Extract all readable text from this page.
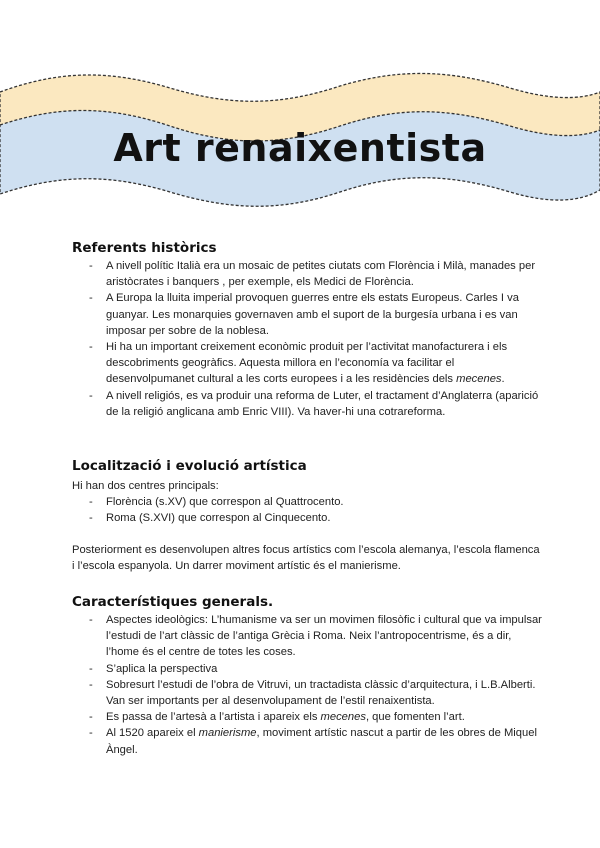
Art renaixentista
Referents històrics
- A nivell polític Italià era un mosaic de petites ciutats com Florència i Milà, manades per aristòcrates i banquers , per exemple, els Medici de Florència.
- A Europa la lluita imperial provoquen guerres entre els estats Europeus. Carles I va guanyar. Les monarquies governaven amb el suport de la burgesía urbana i es van imposar per sobre de la noblesa.
- Hi ha un important creixement econòmic produit per l’activitat manofacturera i els descobriments geogràfics. Aquesta millora en l’economía va facilitar el desenvolpumanet cultural a les corts europees i a les residències dels mecenes.
- A nivell religiós, es va produir una reforma de Luter, el tractament d’Anglaterra (aparició de la religió anglicana amb Enric VIII). Va haver-hi una cotrareforma.
Localització i evolució artística

Hi han dos centres principals:

- Florència (s.XV) que correspon al Quattrocento.
- Roma (S.XVI) que correspon al Cinquecento.

Posteriorment es desenvolupen altres focus artístics com l’escola alemanya, l’escola flamenca i l’escola espanyola. Un darrer moviment artístic és el manierisme.

Característiques generals.
- Aspectes ideològics: L’humanisme va ser un movimen filosòfic i cultural que va impulsar l’estudi de l’art clàssic de l’antiga Grècia i Roma. Neix l’antropocentrisme, és a dir, l’home és el centre de totes les coses.
- S’aplica la perspectiva
- Sobresurt l’estudi de l’obra de Vitruvi, un tractadista clàssic d’arquitectura, i L.B.Alberti. Van ser importants per al desenvolupament de l’estil renaixentista.
- Es passa de l’artesà a l’artista i apareix els mecenes, que fomenten l’art.
- Al 1520 apareix el manierisme, moviment artístic nascut a partir de les obres de Miquel Àngel.
